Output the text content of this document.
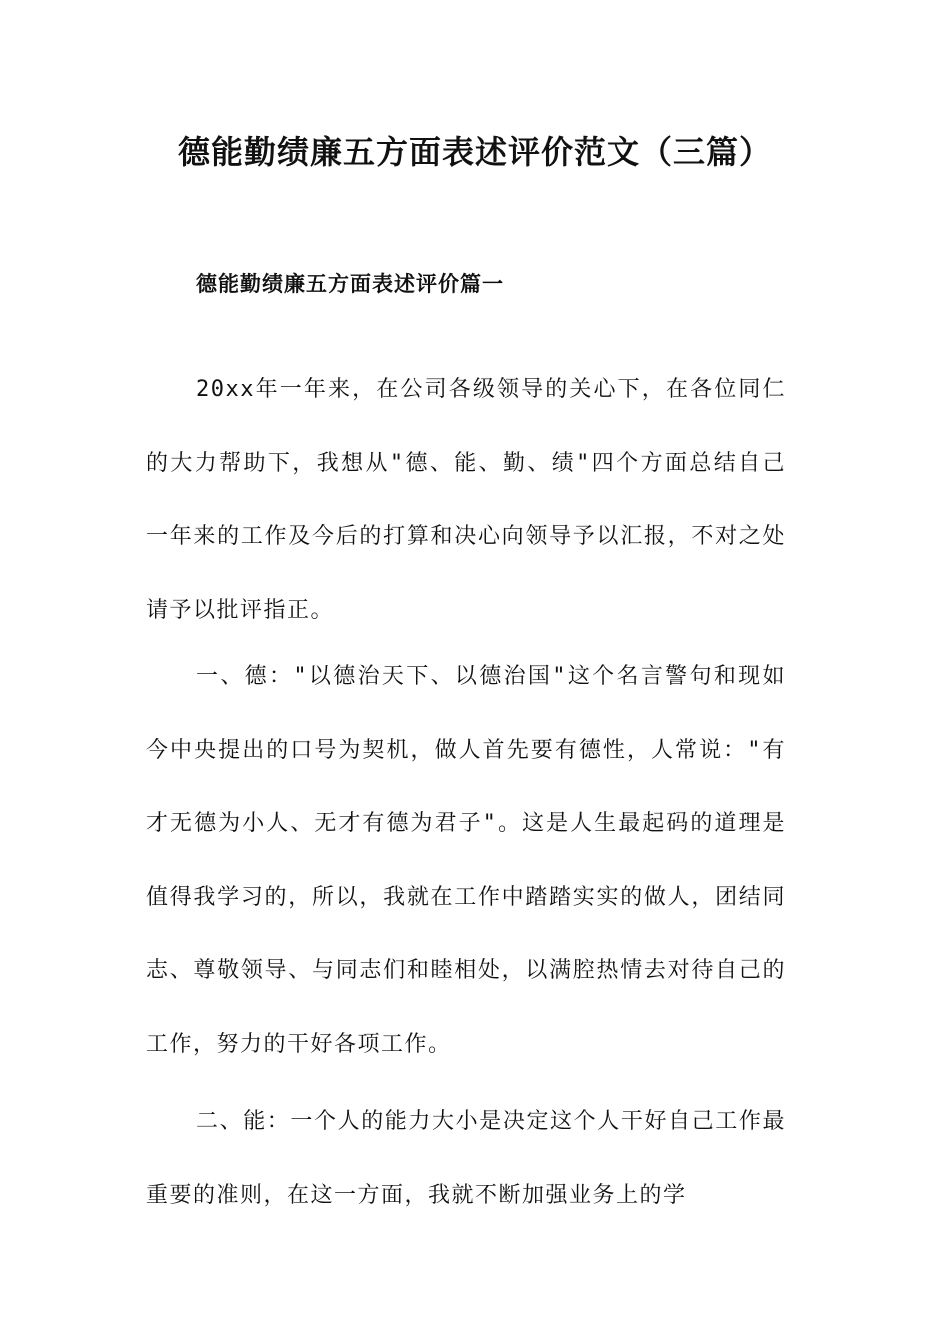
德能勤绩廉五方面表述评价范文（三篇）
德能勤绩廉五方面表述评价篇一

20xx年一年来，在公司各级领导的关心下，在各位同仁的大力帮助下，我想从"德、能、勤、绩"四个方面总结自己一年来的工作及今后的打算和决心向领导予以汇报，不对之处请予以批评指正。

一、德："以德治天下、以德治国"这个名言警句和现如今中央提出的口号为契机，做人首先要有德性，人常说："有才无德为小人、无才有德为君子"。这是人生最起码的道理是值得我学习的，所以，我就在工作中踏踏实实的做人，团结同志、尊敬领导、与同志们和睦相处，以满腔热情去对待自己的工作，努力的干好各项工作。

二、能：一个人的能力大小是决定这个人干好自己工作最重要的准则，在这一方面，我就不断加强业务上的学
